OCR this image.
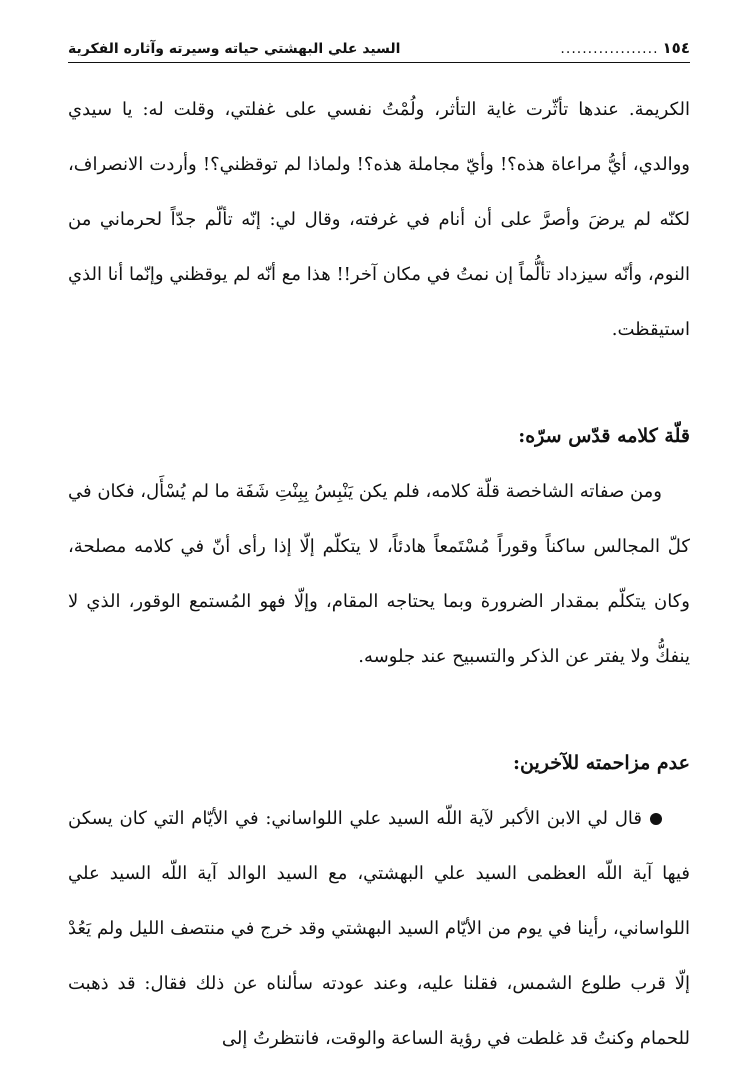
١٥٤
..................
السيد علي البهشتي حياته وسيرته وآثاره الفكرية

الكريمة. عندها تأثّرت غاية التأثر، ولُمْتُ نفسي على غفلتي، وقلت له: يا سيدي ووالدي، أيُّ مراعاة هذه؟! وأيّ مجاملة هذه؟! ولماذا لم توقظني؟! وأردت الانصراف، لكنّه لم يرضَ وأصرَّ على أن أنام في غرفته، وقال لي: إنّه تألّم جدّاً لحرماني من النوم، وأنّه سيزداد تألُّماً إن نمتُ في مكان آخر!! هذا مع أنّه لم يوقظني وإنّما أنا الذي استيقظت.

قلّة كلامه قدّس سرّه:

ومن صفاته الشاخصة قلّة كلامه، فلم يكن يَنْبِسُ بِبِنْتِ شَفَة ما لم يُسْأَل، فكان في كلّ المجالس ساكناً وقوراً مُسْتَمعاً هادئاً، لا يتكلّم إلّا إذا رأى أنّ في كلامه مصلحة، وكان يتكلّم بمقدار الضرورة وبما يحتاجه المقام، وإلّا فهو المُستمع الوقور، الذي لا ينفكُّ ولا يفتر عن الذكر والتسبيح عند جلوسه.

عدم مزاحمته للآخرين:

قال لي الابن الأكبر لآية اللّه السيد علي اللواساني: في الأيّام التي كان يسكن فيها آية اللّه العظمى السيد علي البهشتي، مع السيد الوالد آية اللّه السيد علي اللواساني، رأينا في يوم من الأيّام السيد البهشتي وقد خرج في منتصف الليل ولم يَعُدْ إلّا قرب طلوع الشمس، فقلنا عليه، وعند عودته سألناه عن ذلك فقال: قد ذهبت للحمام وكنتُ قد غلطت في رؤية الساعة والوقت، فانتظرتُ إلى
